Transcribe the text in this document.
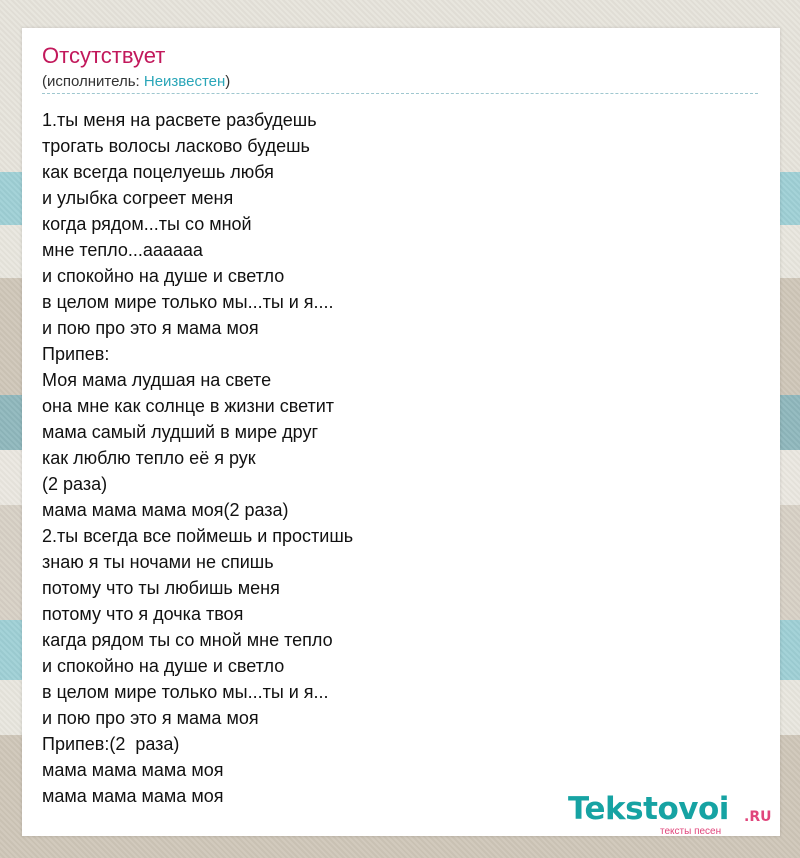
Отсутствует
(исполнитель: Неизвестен)
1.ты меня на расвете разбудешь
трогать волосы ласково будешь
как всегда поцелуешь любя
и улыбка согреет меня
когда рядом...ты со мной
мне тепло...аааааа
и спокойно на душе и светло
в целом мире только мы...ты и я....
и пою про это я мама моя
Припев:
Моя мама лудшая на свете
она мне как солнце в жизни светит
мама самый лудший в мире друг
как люблю тепло её я рук
(2 раза)
мама мама мама моя(2 раза)
2.ты всегда все поймешь и простишь
знаю я ты ночами не спишь
потому что ты любишь меня
потому что я дочка твоя
кагда рядом ты со мной мне тепло
и спокойно на душе и светло
в целом мире только мы...ты и я...
и пою про это я мама моя
Припев:(2  раза)
мама мама мама моя
мама мама мама моя	Tekstovoi .RU
тексты песен
